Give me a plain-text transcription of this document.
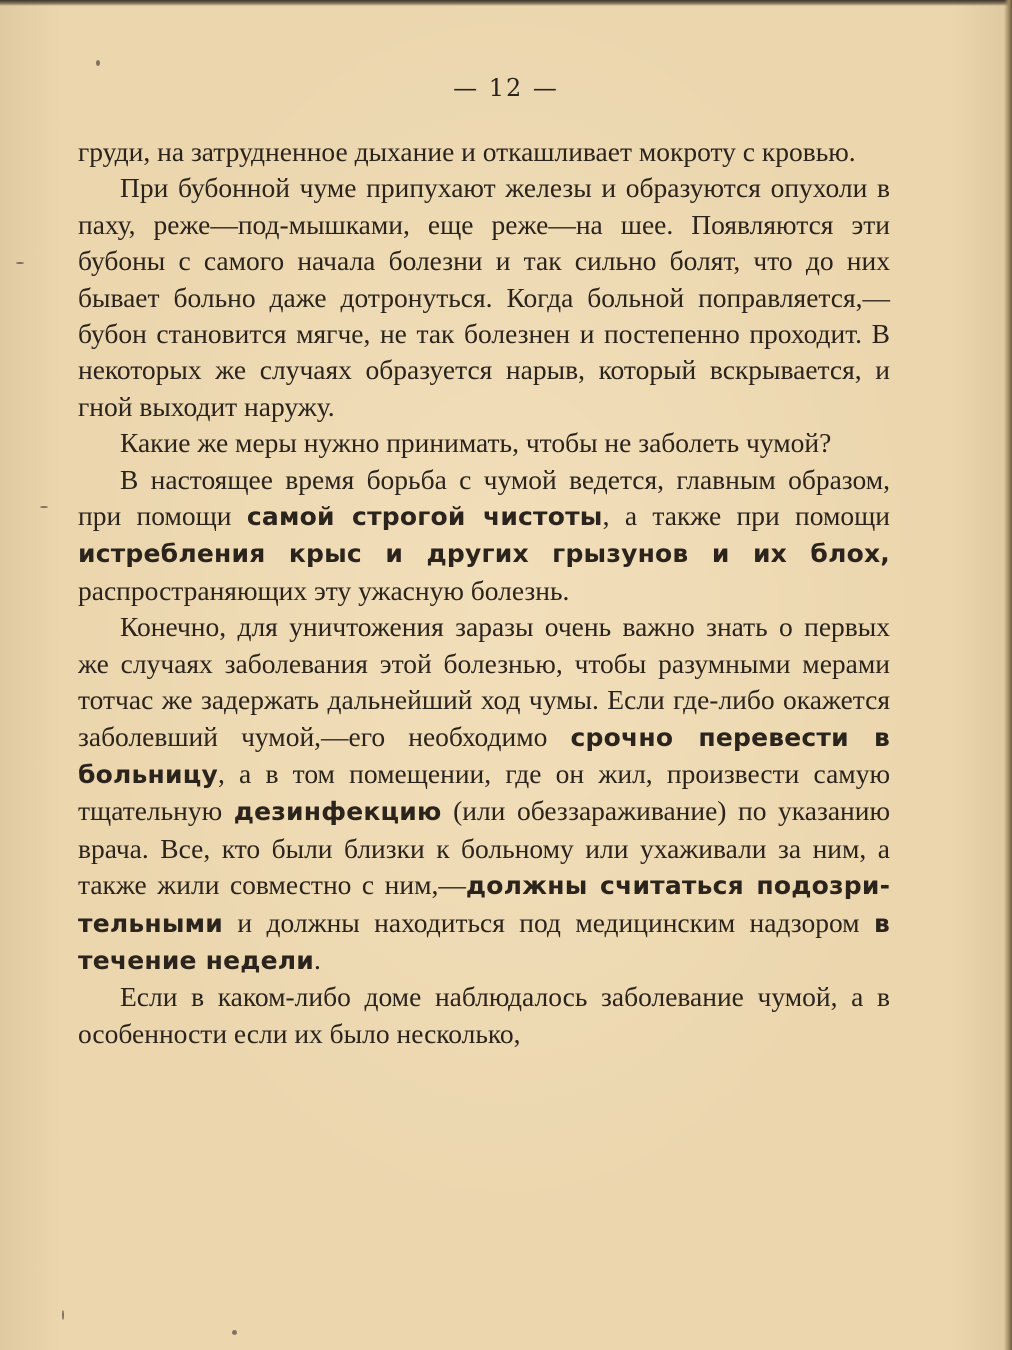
— 12 —

груди, на затрудненное дыхание и откашливает мокроту с кровью.

При бубонной чуме припухают железы и образуются опухоли в паху, реже—под-мышками, еще реже—на шее. Появляются эти бубоны с самого начала болезни и так сильно болят, что до них бывает больно даже дотронуться. Когда больной поправляется,—бубон становится мягче, не так болезнен и постепенно проходит. В некоторых же случаях образуется нарыв, который вскрывается, и гной выходит наружу.

Какие же меры нужно принимать, чтобы не заболеть чумой?

В настоящее время борьба с чумой ведется, главным образом, при помощи самой строгой чистоты, а также при помощи истребления крыс и других грызунов и их блох, распространяющих эту ужасную болезнь.

Конечно, для уничтожения заразы очень важно знать о первых же случаях заболевания этой болезнью, чтобы разумными мерами тотчас же задержать дальнейший ход чумы. Если где-либо окажется заболевший чумой,—его необходимо срочно перевести в больницу, а в том помещении, где он жил, произвести самую тщательную дезинфекцию (или обеззараживание) по указанию врача. Все, кто были близки к больному или ухаживали за ним, а также жили совместно с ним,—должны считаться подозрительными и должны находиться под медицинским надзором в течение недели.

Если в каком-либо доме наблюдалось заболевание чумой, а в особенности если их было несколько,
